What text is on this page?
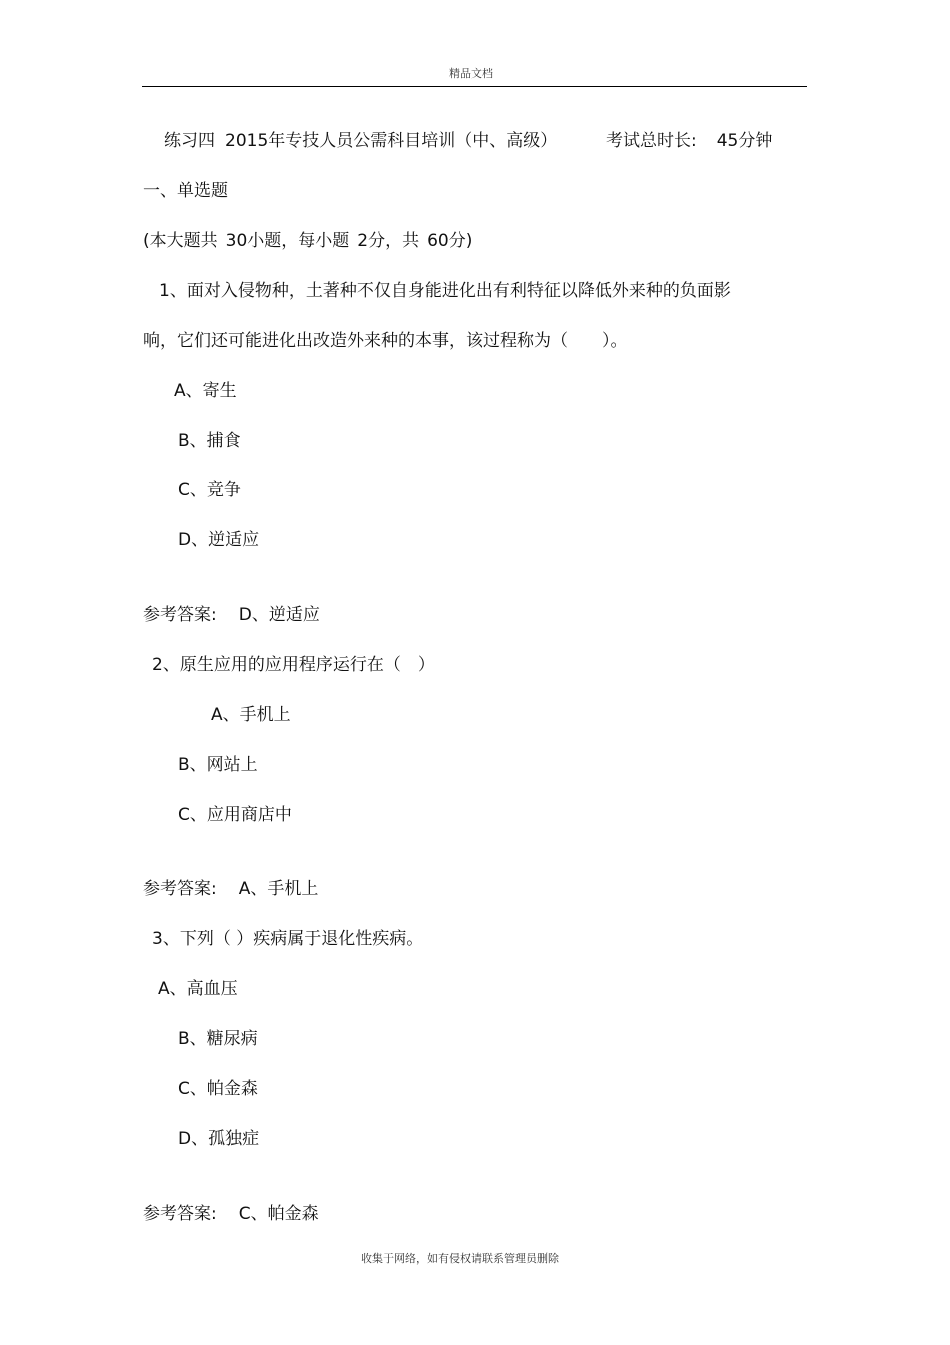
精品文档
练习四 2015年专技人员公需科目培训（中、高级）	考试总时长: 45分钟
一、单选题
(本大题共 30小题，每小题 2分，共 60分)
1、面对入侵物种，土著种不仅自身能进化出有利特征以降低外来种的负面影
响，它们还可能进化出改造外来种的本事，该过程称为（　　）。
A、寄生
B、捕食
C、竞争
D、逆适应
参考答案: D、逆适应
2、原生应用的应用程序运行在（　）
A、手机上
B、网站上
C、应用商店中
参考答案: A、手机上
3、下列（ ）疾病属于退化性疾病。
A、高血压
B、糖尿病
C、帕金森
D、孤独症
参考答案: C、帕金森
收集于网络，如有侵权请联系管理员删除
